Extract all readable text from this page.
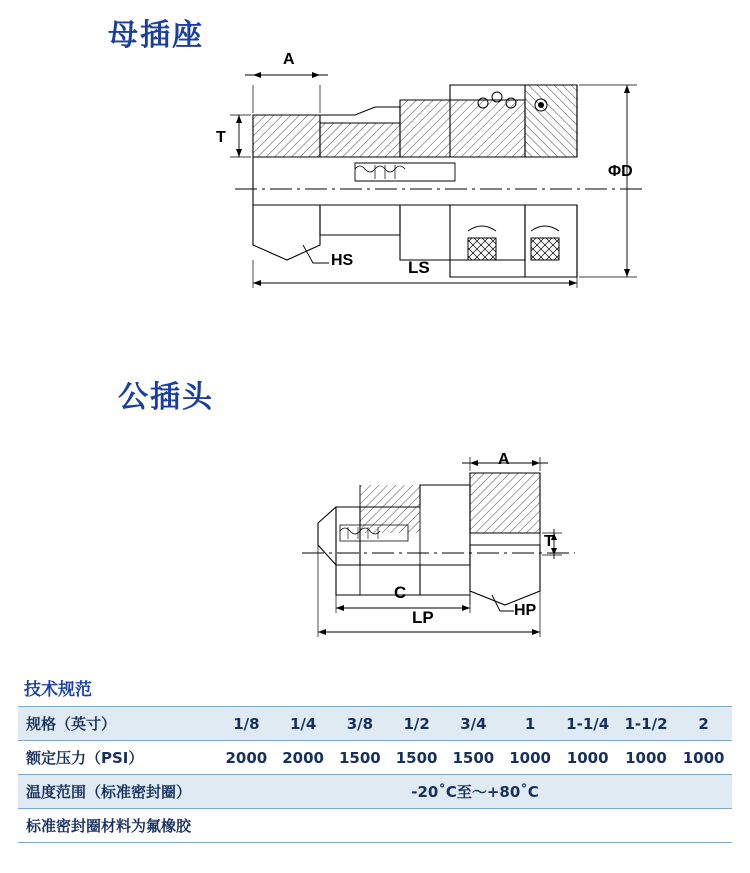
母插座
A
T
HS	LS
ΦD
公插头
A
T
HP
C
LP
技术规范
规格（英寸）	1/8	1/4	3/8	1/2	3/4	1	1-1/4	1-1/2	2
额定压力（PSI）	2000	2000	1500	1500	1500	1000	1000	1000	1000
温度范围（标准密封圈）	-20˚C至～+80˚C								
标准密封圈材料为氟橡胶									
